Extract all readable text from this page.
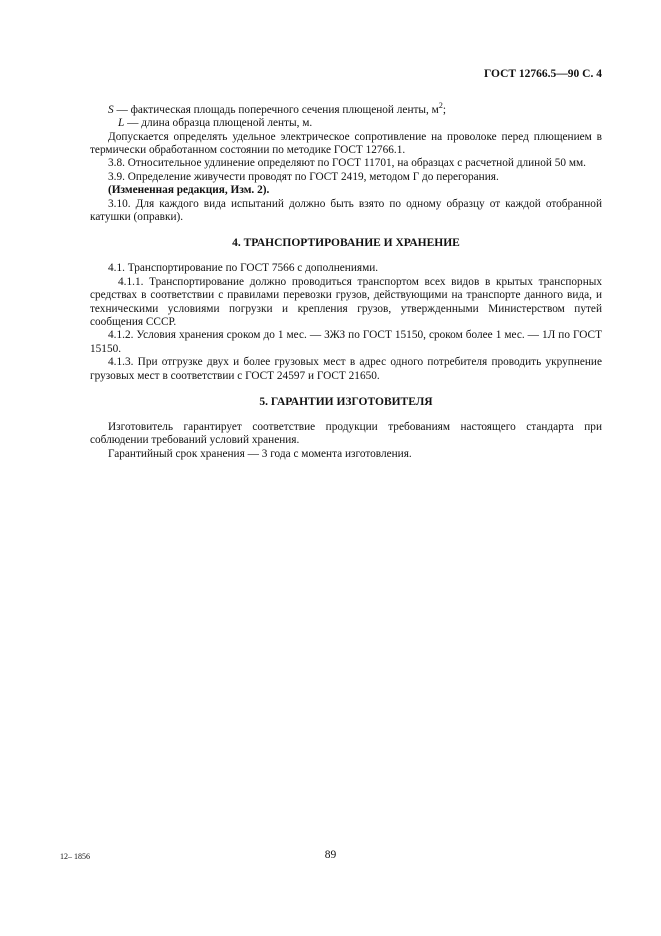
ГОСТ 12766.5—90 С. 4

S — фактическая площадь поперечного сечения плющеной ленты, $м^2$;

L — длина образца плющеной ленты, м.

Допускается определять удельное электрическое сопротивление на проволоке перед плющением в термически обработанном состоянии по методике ГОСТ 12766.1.

3.8. Относительное удлинение определяют по ГОСТ 11701, на образцах с расчетной длиной 50 мм.

3.9. Определение живучести проводят по ГОСТ 2419, методом Г до перегорания.

(Измененная редакция, Изм. 2).

3.10. Для каждого вида испытаний должно быть взято по одному образцу от каждой отобранной катушки (оправки).

4. ТРАНСПОРТИРОВАНИЕ И ХРАНЕНИЕ

4.1. Транспортирование по ГОСТ 7566 с дополнениями.

4.1.1. Транспортирование должно проводиться транспортом всех видов в крытых транспорных средствах в соответствии с правилами перевозки грузов, действующими на транспорте данного вида, и техническими условиями погрузки и крепления грузов, утвержденными Министерством путей сообщения СССР.

4.1.2. Условия хранения сроком до 1 мес. — ЗЖЗ по ГОСТ 15150, сроком более 1 мес. — 1Л по ГОСТ 15150.

4.1.3. При отгрузке двух и более грузовых мест в адрес одного потребителя проводить укрупнение грузовых мест в соответствии с ГОСТ 24597 и ГОСТ 21650.

5. ГАРАНТИИ ИЗГОТОВИТЕЛЯ

Изготовитель гарантирует соответствие продукции требованиям настоящего стандарта при соблюдении требований условий хранения.

Гарантийный срок хранения — 3 года с момента изготовления.

12– 1856	89
